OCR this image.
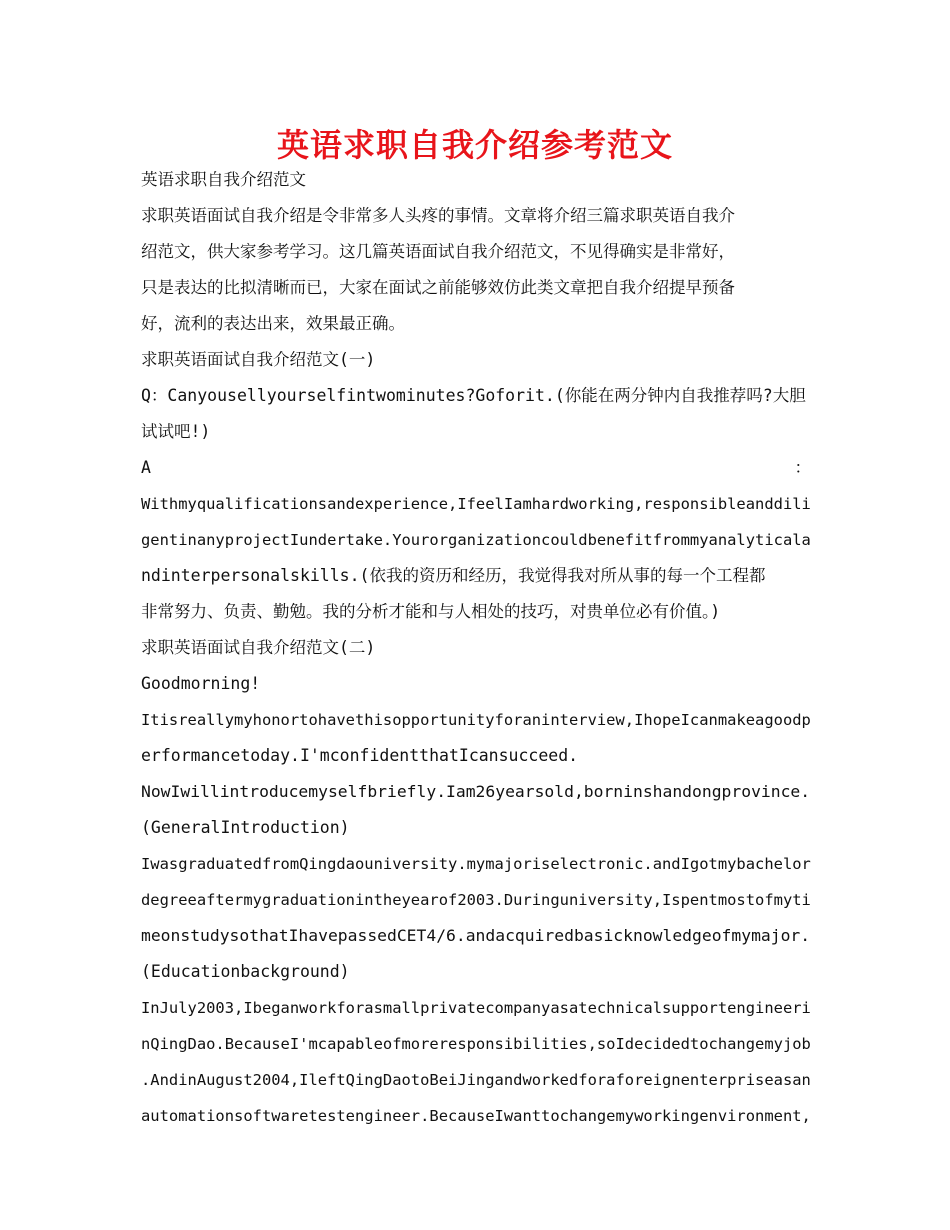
英语求职自我介绍参考范文
英语求职自我介绍范文
求职英语面试自我介绍是令非常多人头疼的事情。文章将介绍三篇求职英语自我介
绍范文，供大家参考学习。这几篇英语面试自我介绍范文，不见得确实是非常好，
只是表达的比拟清晰而已，大家在面试之前能够效仿此类文章把自我介绍提早预备
好，流利的表达出来，效果最正确。
求职英语面试自我介绍范文(一)
Q：Canyousellyourselfintwominutes?Goforit.(你能在两分钟内自我推荐吗?大胆
试试吧!)
A	：
Withmyqualificationsandexperience,IfeelIamhardworking,responsibleanddili
gentinanyprojectIundertake.Yourorganizationcouldbenefitfrommyanalyticala
ndinterpersonalskills.(依我的资历和经历，我觉得我对所从事的每一个工程都
非常努力、负责、勤勉。我的分析才能和与人相处的技巧，对贵单位必有价值。)
求职英语面试自我介绍范文(二)
Goodmorning!
Itisreallymyhonortohavethisopportunityforaninterview,IhopeIcanmakeagoodp
erformancetoday.I'mconfidentthatIcansucceed.
NowIwillintroducemyselfbriefly.Iam26yearsold,borninshandongprovince.
(GeneralIntroduction)
IwasgraduatedfromQingdaouniversity.mymajoriselectronic.andIgotmybachelor
degreeaftermygraduationintheyearof2003.Duringuniversity,Ispentmostofmyti
meonstudysothatIhavepassedCET4/6.andacquiredbasicknowledgeofmymajor.
(Educationbackground)
InJuly2003,Ibeganworkforasmallprivatecompanyasatechnicalsupportengineeri
nQingDao.BecauseI'mcapableofmoreresponsibilities,soIdecidedtochangemyjob
.AndinAugust2004,IleftQingDaotoBeiJingandworkedforaforeignenterpriseasan
automationsoftwaretestengineer.BecauseIwanttochangemyworkingenvironment,
